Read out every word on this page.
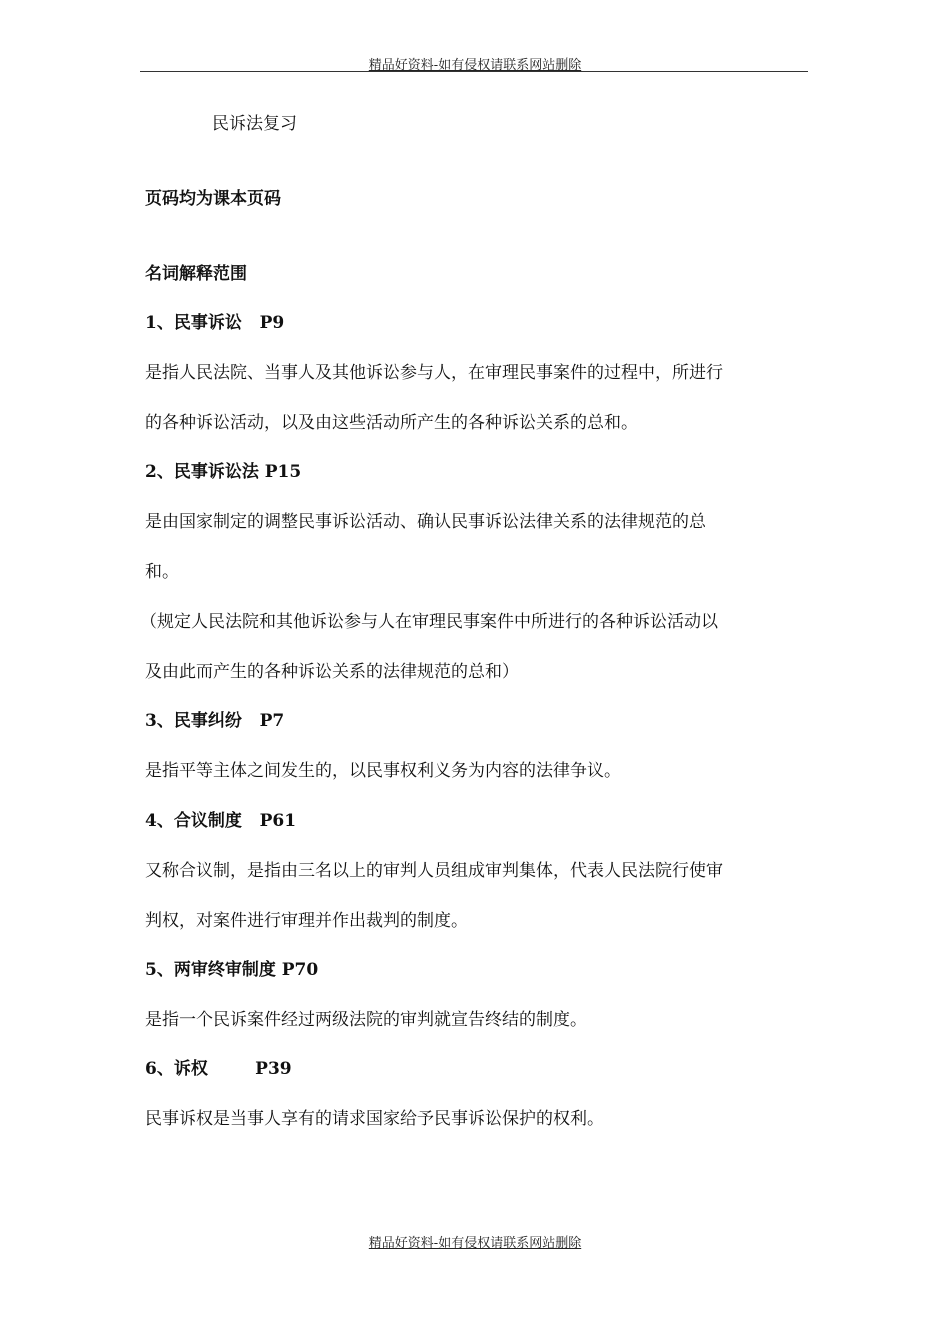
精品好资料-如有侵权请联系网站删除
民诉法复习
页码均为课本页码
名词解释范围
1、民事诉讼   P9
是指人民法院、当事人及其他诉讼参与人，在审理民事案件的过程中，所进行
的各种诉讼活动，以及由这些活动所产生的各种诉讼关系的总和。
2、民事诉讼法 P15
是由国家制定的调整民事诉讼活动、确认民事诉讼法律关系的法律规范的总
和。
（规定人民法院和其他诉讼参与人在审理民事案件中所进行的各种诉讼活动以
及由此而产生的各种诉讼关系的法律规范的总和）
3、民事纠纷   P7
是指平等主体之间发生的，以民事权利义务为内容的法律争议。
4、合议制度   P61
又称合议制，是指由三名以上的审判人员组成审判集体，代表人民法院行使审
判权，对案件进行审理并作出裁判的制度。
5、两审终审制度 P70
是指一个民诉案件经过两级法院的审判就宣告终结的制度。
6、诉权        P39
民事诉权是当事人享有的请求国家给予民事诉讼保护的权利。
精品好资料-如有侵权请联系网站删除
